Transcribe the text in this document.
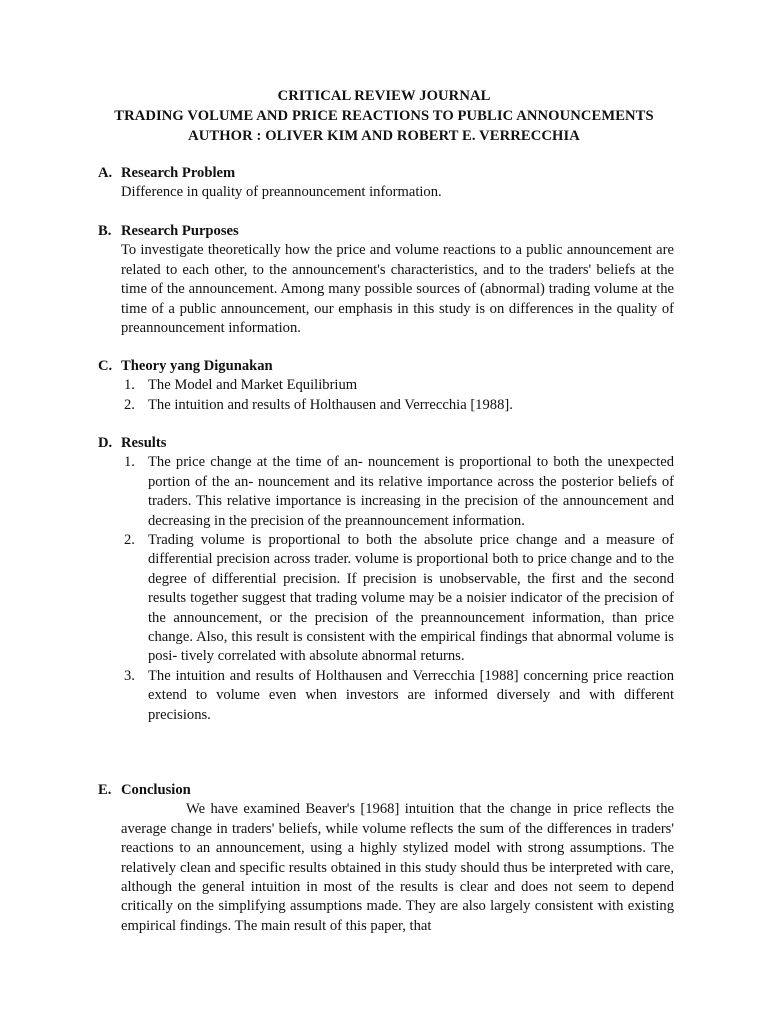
CRITICAL REVIEW JOURNAL
TRADING VOLUME AND PRICE REACTIONS TO PUBLIC ANNOUNCEMENTS
AUTHOR : OLIVER KIM AND ROBERT E. VERRECCHIA
A. Research Problem
Difference in quality of preannouncement information.
B. Research Purposes
To investigate theoretically how the price and volume reactions to a public announcement are related to each other, to the announcement's characteristics, and to the traders' beliefs at the time of the announcement. Among many possible sources of (abnormal) trading volume at the time of a public announcement, our emphasis in this study is on differences in the quality of preannouncement information.
C. Theory yang Digunakan
1. The Model and Market Equilibrium
2. The intuition and results of Holthausen and Verrecchia [1988].
D. Results
1. The price change at the time of an- nouncement is proportional to both the unexpected portion of the an- nouncement and its relative importance across the posterior beliefs of traders. This relative importance is increasing in the precision of the announcement and decreasing in the precision of the preannouncement information.
2. Trading volume is proportional to both the absolute price change and a measure of differential precision across trader. volume is proportional both to price change and to the degree of differential precision. If precision is unobservable, the first and the second results together suggest that trading volume may be a noisier indicator of the precision of the announcement, or the precision of the preannouncement information, than price change. Also, this result is consistent with the empirical findings that abnormal volume is posi- tively correlated with absolute abnormal returns.
3. The intuition and results of Holthausen and Verrecchia [1988] concerning price reaction extend to volume even when investors are informed diversely and with different precisions.
E. Conclusion
We have examined Beaver's [1968] intuition that the change in price reflects the average change in traders' beliefs, while volume reflects the sum of the differences in traders' reactions to an announcement, using a highly stylized model with strong assumptions. The relatively clean and specific results obtained in this study should thus be interpreted with care, although the general intuition in most of the results is clear and does not seem to depend critically on the simplifying assumptions made. They are also largely consistent with existing empirical findings. The main result of this paper, that
